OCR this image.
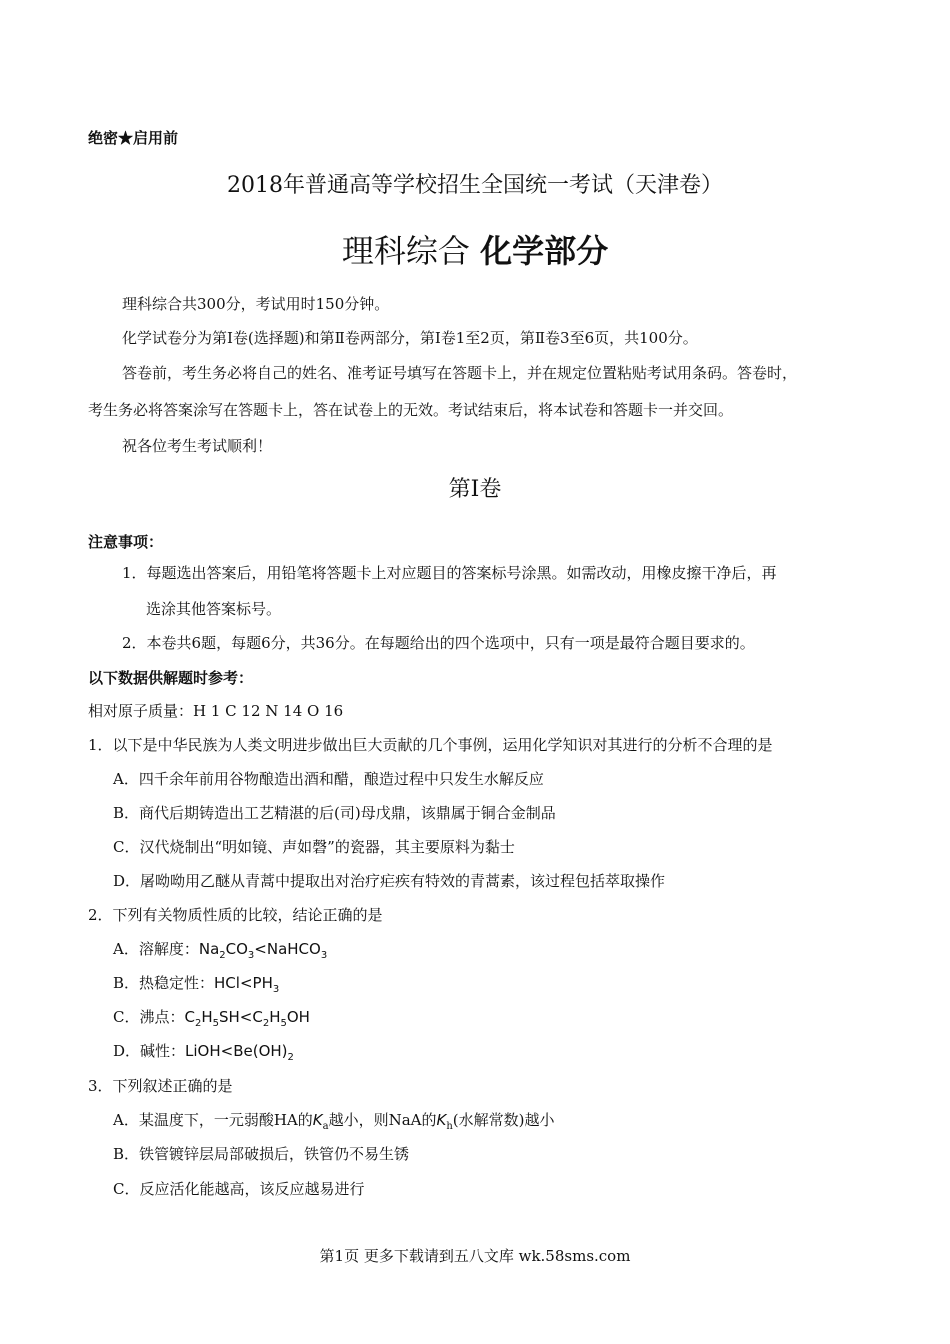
绝密★启用前
2018年普通高等学校招生全国统一考试（天津卷）
理科综合 化学部分
理科综合共300分，考试用时150分钟。
化学试卷分为第Ⅰ卷(选择题)和第Ⅱ卷两部分，第Ⅰ卷1至2页，第Ⅱ卷3至6页，共100分。
答卷前，考生务必将自己的姓名、准考证号填写在答题卡上，并在规定位置粘贴考试用条码。答卷时，
考生务必将答案涂写在答题卡上，答在试卷上的无效。考试结束后，将本试卷和答题卡一并交回。
祝各位考生考试顺利！
第Ⅰ卷
注意事项：
1．每题选出答案后，用铅笔将答题卡上对应题目的答案标号涂黑。如需改动，用橡皮擦干净后，再
选涂其他答案标号。
2．本卷共6题，每题6分，共36分。在每题给出的四个选项中，只有一项是最符合题目要求的。
以下数据供解题时参考：
相对原子质量：H 1 C 12 N 14 O 16
1．以下是中华民族为人类文明进步做出巨大贡献的几个事例，运用化学知识对其进行的分析不合理的是
A．四千余年前用谷物酿造出酒和醋，酿造过程中只发生水解反应
B．商代后期铸造出工艺精湛的后(司)母戊鼎，该鼎属于铜合金制品
C．汉代烧制出“明如镜、声如磬”的瓷器，其主要原料为黏士
D．屠呦呦用乙醚从青蒿中提取出对治疗疟疾有特效的青蒿素，该过程包括萃取操作
2．下列有关物质性质的比较，结论正确的是
A．溶解度：$Na_2CO_3<NaHCO_3$
B．热稳定性：$HCl<PH_3$
C．沸点：$C_2H_5SH<C_2H_5OH$
D．碱性：$LiOH<Be(OH)_2$
3．下列叙述正确的是
A．某温度下，一元弱酸HA的$K_a$越小，则NaA的$K_h$(水解常数)越小
B．铁管镀锌层局部破损后，铁管仍不易生锈
C．反应活化能越高，该反应越易进行
第1页 更多下载请到五八文库 wk.58sms.com
